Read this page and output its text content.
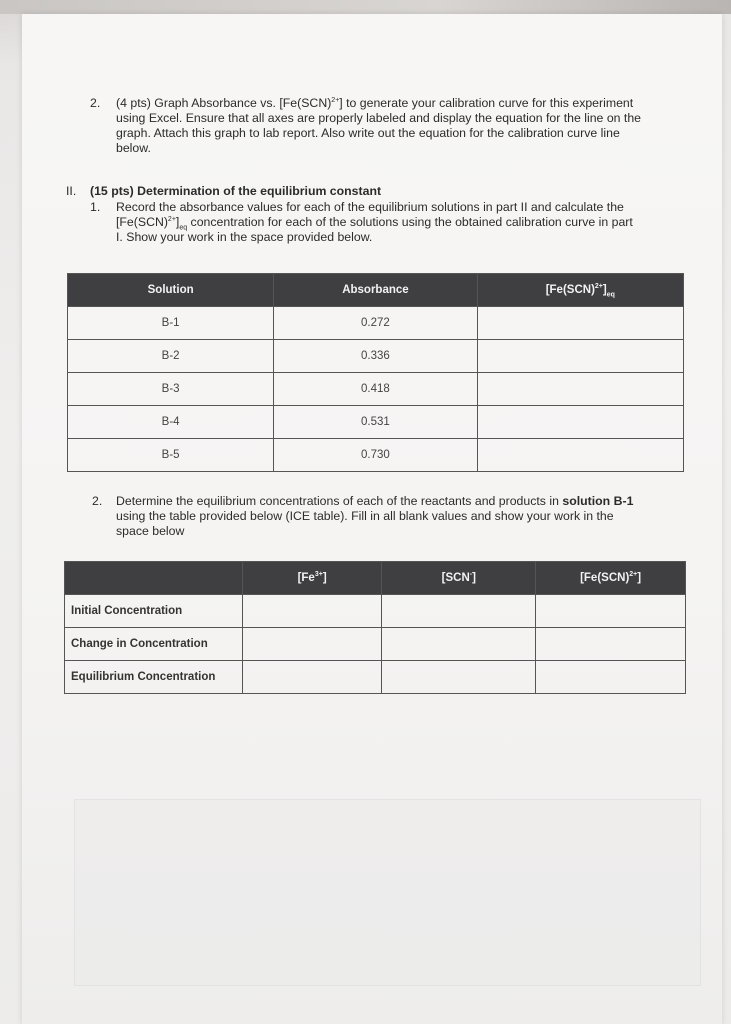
2. (4 pts) Graph Absorbance vs. [Fe(SCN)$^{2+}$] to generate your calibration curve for this experiment
using Excel. Ensure that all axes are properly labeled and display the equation for the line on the
graph. Attach this graph to lab report. Also write out the equation for the calibration curve line
below.
II. (15 pts) Determination of the equilibrium constant
1. Record the absorbance values for each of the equilibrium solutions in part II and calculate the
$[Fe(SCN)^{2+}]_{eq}$ concentration for each of the solutions using the obtained calibration curve in part
I. Show your work in the space provided below.
Solution	Absorbance	$[Fe(SCN)^{2+}]_{eq}$
B-1	0.272	
B-2	0.336	
B-3	0.418	
B-4	0.531	
B-5	0.730	
2. Determine the equilibrium concentrations of each of the reactants and products in solution B-1
using the table provided below (ICE table). Fill in all blank values and show your work in the
space below
	$[Fe^{3+}]$	[SCN-]	[Fe(SCN)$^{2+}$]
Initial Concentration			
Change in Concentration			
Equilibrium Concentration			
